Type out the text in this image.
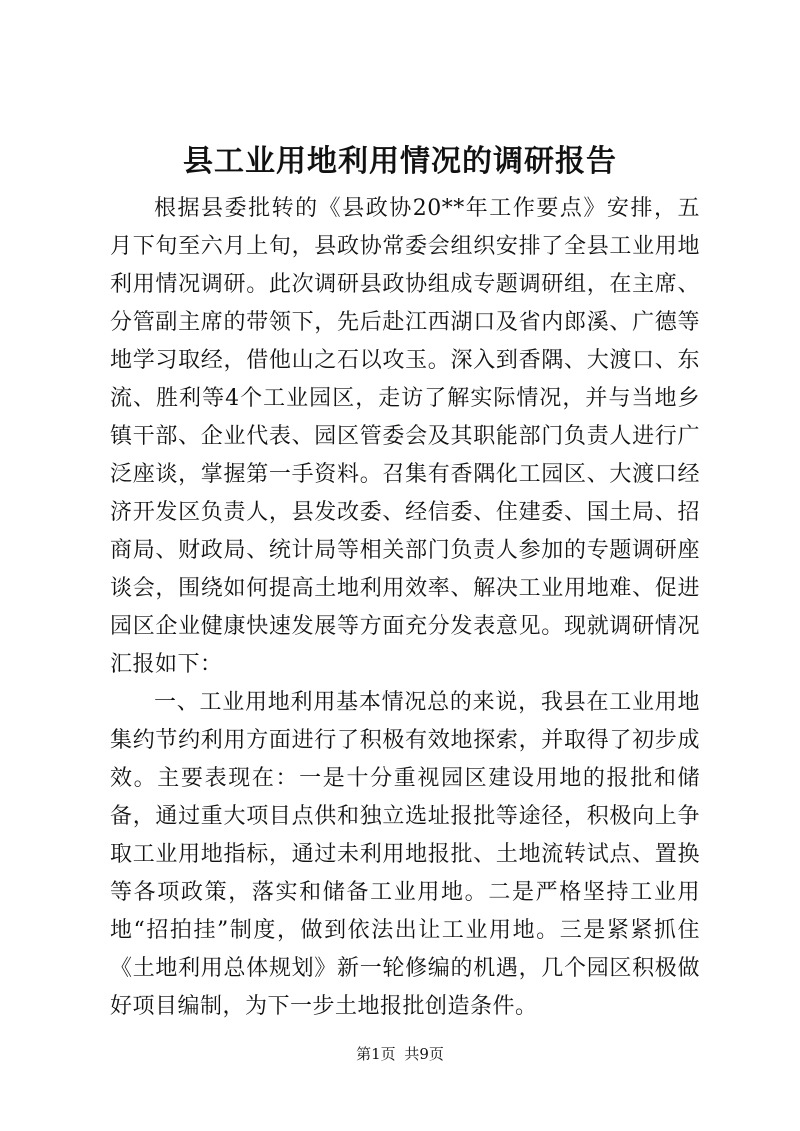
县工业用地利用情况的调研报告

根据县委批转的《县政协20**年工作要点》安排，五月下旬至六月上旬，县政协常委会组织安排了全县工业用地利用情况调研。此次调研县政协组成专题调研组，在主席、分管副主席的带领下，先后赴江西湖口及省内郎溪、广德等地学习取经，借他山之石以攻玉。深入到香隅、大渡口、东流、胜利等4个工业园区，走访了解实际情况，并与当地乡镇干部、企业代表、园区管委会及其职能部门负责人进行广泛座谈，掌握第一手资料。召集有香隅化工园区、大渡口经济开发区负责人，县发改委、经信委、住建委、国土局、招商局、财政局、统计局等相关部门负责人参加的专题调研座谈会，围绕如何提高土地利用效率、解决工业用地难、促进园区企业健康快速发展等方面充分发表意见。现就调研情况汇报如下：

一、工业用地利用基本情况总的来说，我县在工业用地集约节约利用方面进行了积极有效地探索，并取得了初步成效。主要表现在：一是十分重视园区建设用地的报批和储备，通过重大项目点供和独立选址报批等途径，积极向上争取工业用地指标，通过未利用地报批、土地流转试点、置换等各项政策，落实和储备工业用地。二是严格坚持工业用地“招拍挂”制度，做到依法出让工业用地。三是紧紧抓住《土地利用总体规划》新一轮修编的机遇，几个园区积极做好项目编制，为下一步土地报批创造条件。

第1页 共9页
